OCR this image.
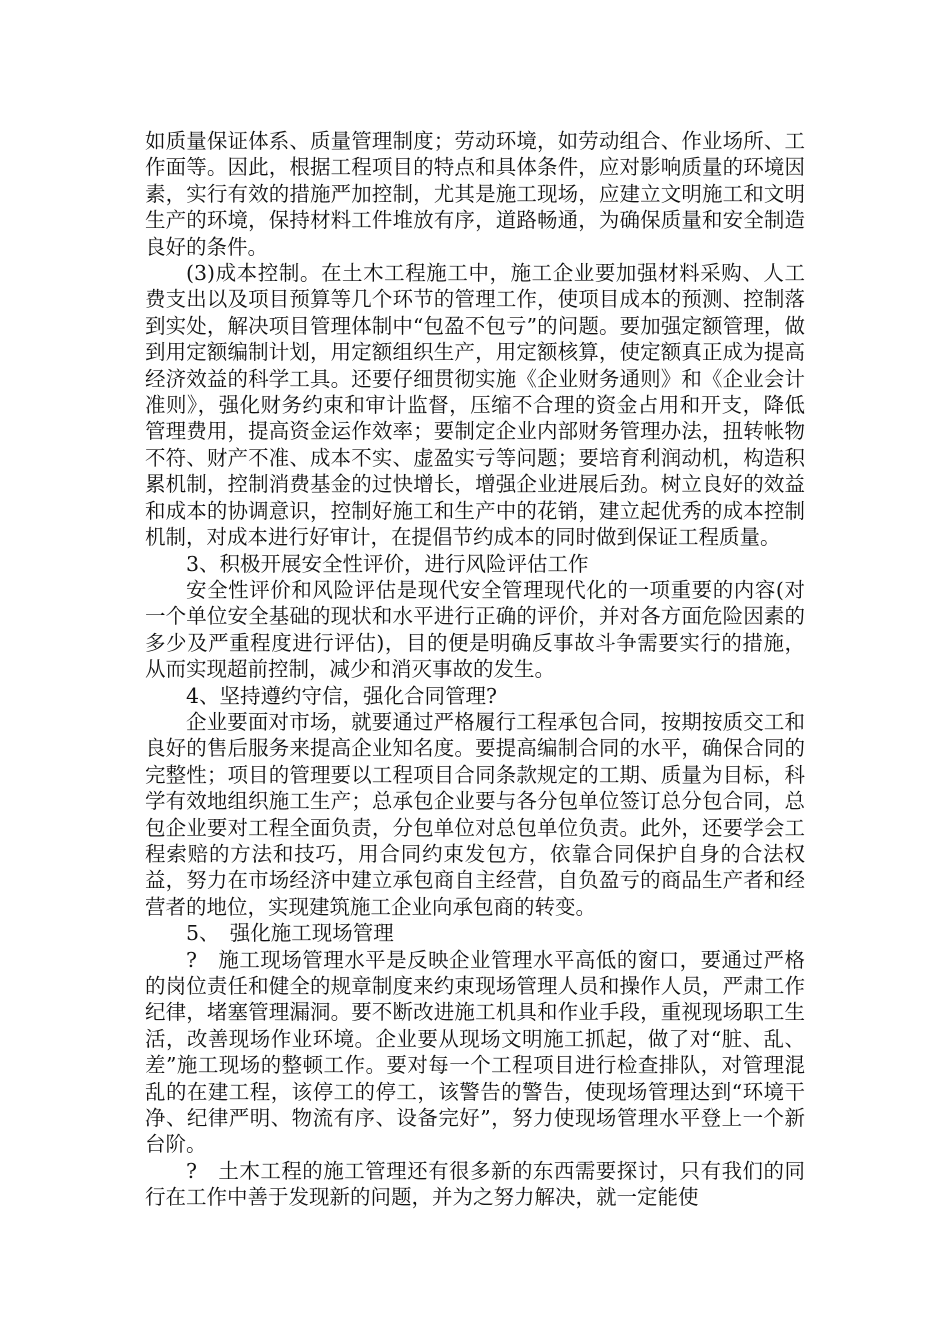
如质量保证体系、质量管理制度；劳动环境，如劳动组合、作业场所、工作面等。因此，根据工程项目的特点和具体条件，应对影响质量的环境因素，实行有效的措施严加控制，尤其是施工现场，应建立文明施工和文明生产的环境，保持材料工件堆放有序，道路畅通，为确保质量和安全制造良好的条件。

(3)成本控制。在土木工程施工中，施工企业要加强材料采购、人工费支出以及项目预算等几个环节的管理工作，使项目成本的预测、控制落到实处，解决项目管理体制中“包盈不包亏”的问题。要加强定额管理，做到用定额编制计划，用定额组织生产，用定额核算，使定额真正成为提高经济效益的科学工具。还要仔细贯彻实施《企业财务通则》和《企业会计准则》，强化财务约束和审计监督，压缩不合理的资金占用和开支，降低管理费用，提高资金运作效率；要制定企业内部财务管理办法，扭转帐物不符、财产不准、成本不实、虚盈实亏等问题；要培育利润动机，构造积累机制，控制消费基金的过快增长，增强企业进展后劲。树立良好的效益和成本的协调意识，控制好施工和生产中的花销，建立起优秀的成本控制机制，对成本进行好审计，在提倡节约成本的同时做到保证工程质量。

3、积极开展安全性评价，进行风险评估工作

安全性评价和风险评估是现代安全管理现代化的一项重要的内容(对一个单位安全基础的现状和水平进行正确的评价，并对各方面危险因素的多少及严重程度进行评估)，目的便是明确反事故斗争需要实行的措施，从而实现超前控制，减少和消灭事故的发生。

4、坚持遵约守信，强化合同管理?

企业要面对市场，就要通过严格履行工程承包合同，按期按质交工和良好的售后服务来提高企业知名度。要提高编制合同的水平，确保合同的完整性；项目的管理要以工程项目合同条款规定的工期、质量为目标，科学有效地组织施工生产；总承包企业要与各分包单位签订总分包合同，总包企业要对工程全面负责，分包单位对总包单位负责。此外，还要学会工程索赔的方法和技巧，用合同约束发包方，依靠合同保护自身的合法权益，努力在市场经济中建立承包商自主经营，自负盈亏的商品生产者和经营者的地位，实现建筑施工企业向承包商的转变。

5、　强化施工现场管理

?　施工现场管理水平是反映企业管理水平高低的窗口，要通过严格的岗位责任和健全的规章制度来约束现场管理人员和操作人员，严肃工作纪律，堵塞管理漏洞。要不断改进施工机具和作业手段，重视现场职工生活，改善现场作业环境。企业要从现场文明施工抓起，做了对“脏、乱、差”施工现场的整顿工作。要对每一个工程项目进行检查排队，对管理混乱的在建工程，该停工的停工，该警告的警告，使现场管理达到“环境干净、纪律严明、物流有序、设备完好”，努力使现场管理水平登上一个新台阶。

?　土木工程的施工管理还有很多新的东西需要探讨，只有我们的同行在工作中善于发现新的问题，并为之努力解决，就一定能使
